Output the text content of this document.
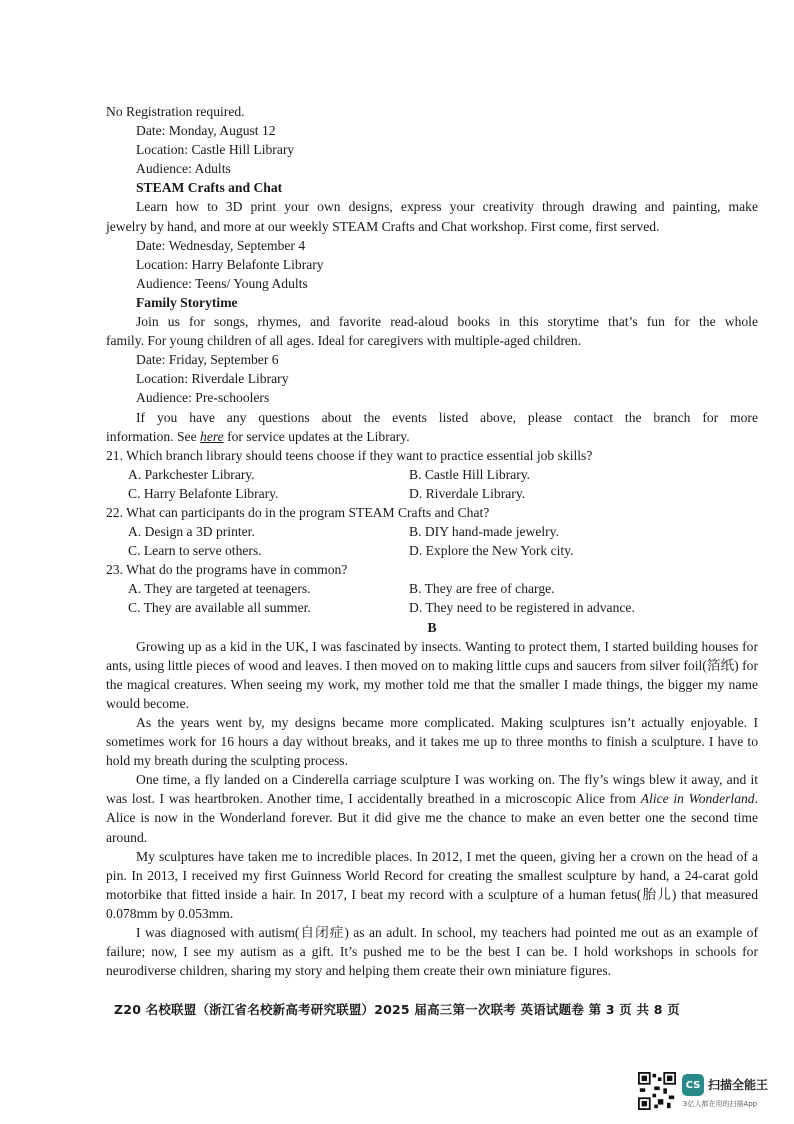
No Registration required.
Date: Monday, August 12
Location: Castle Hill Library
Audience: Adults
STEAM Crafts and Chat
Learn how to 3D print your own designs, express your creativity through drawing and painting, make
jewelry by hand, and more at our weekly STEAM Crafts and Chat workshop. First come, first served.
Date: Wednesday, September 4
Location: Harry Belafonte Library
Audience: Teens/ Young Adults
Family Storytime
Join us for songs, rhymes, and favorite read-aloud books in this storytime that’s fun for the whole
family. For young children of all ages. Ideal for caregivers with multiple-aged children.
Date: Friday, September 6
Location: Riverdale Library
Audience: Pre-schoolers
If you have any questions about the events listed above, please contact the branch for more
information. See here for service updates at the Library.
21. Which branch library should teens choose if they want to practice essential job skills?
A. Parkchester Library.	B. Castle Hill Library.
C. Harry Belafonte Library.	D. Riverdale Library.
22. What can participants do in the program STEAM Crafts and Chat?
A. Design a 3D printer.	B. DIY hand-made jewelry.
C. Learn to serve others.	D. Explore the New York city.
23. What do the programs have in common?
A. They are targeted at teenagers.	B. They are free of charge.
C. They are available all summer.	D. They need to be registered in advance.
B
Growing up as a kid in the UK, I was fascinated by insects. Wanting to protect them, I started building houses for ants, using little pieces of wood and leaves. I then moved on to making little cups and saucers from silver foil(箔纸) for the magical creatures. When seeing my work, my mother told me that the smaller I made things, the bigger my name would become.
As the years went by, my designs became more complicated. Making sculptures isn’t actually enjoyable. I sometimes work for 16 hours a day without breaks, and it takes me up to three months to finish a sculpture. I have to hold my breath during the sculpting process.
One time, a fly landed on a Cinderella carriage sculpture I was working on. The fly’s wings blew it away, and it was lost. I was heartbroken. Another time, I accidentally breathed in a microscopic Alice from Alice in Wonderland. Alice is now in the Wonderland forever. But it did give me the chance to make an even better one the second time around.
My sculptures have taken me to incredible places. In 2012, I met the queen, giving her a crown on the head of a pin. In 2013, I received my first Guinness World Record for creating the smallest sculpture by hand, a 24-carat gold motorbike that fitted inside a hair. In 2017, I beat my record with a sculpture of a human fetus(胎儿) that measured 0.078mm by 0.053mm.
I was diagnosed with autism(自闭症) as an adult. In school, my teachers had pointed me out as an example of failure; now, I see my autism as a gift. It’s pushed me to be the best I can be. I hold workshops in schools for neurodiverse children, sharing my story and helping them create their own miniature figures.
Z20 名校联盟（浙江省名校新高考研究联盟）2025 届高三第一次联考 英语试题卷 第 3 页 共 8 页
CS 扫描全能王
3亿人都在用的扫描App
